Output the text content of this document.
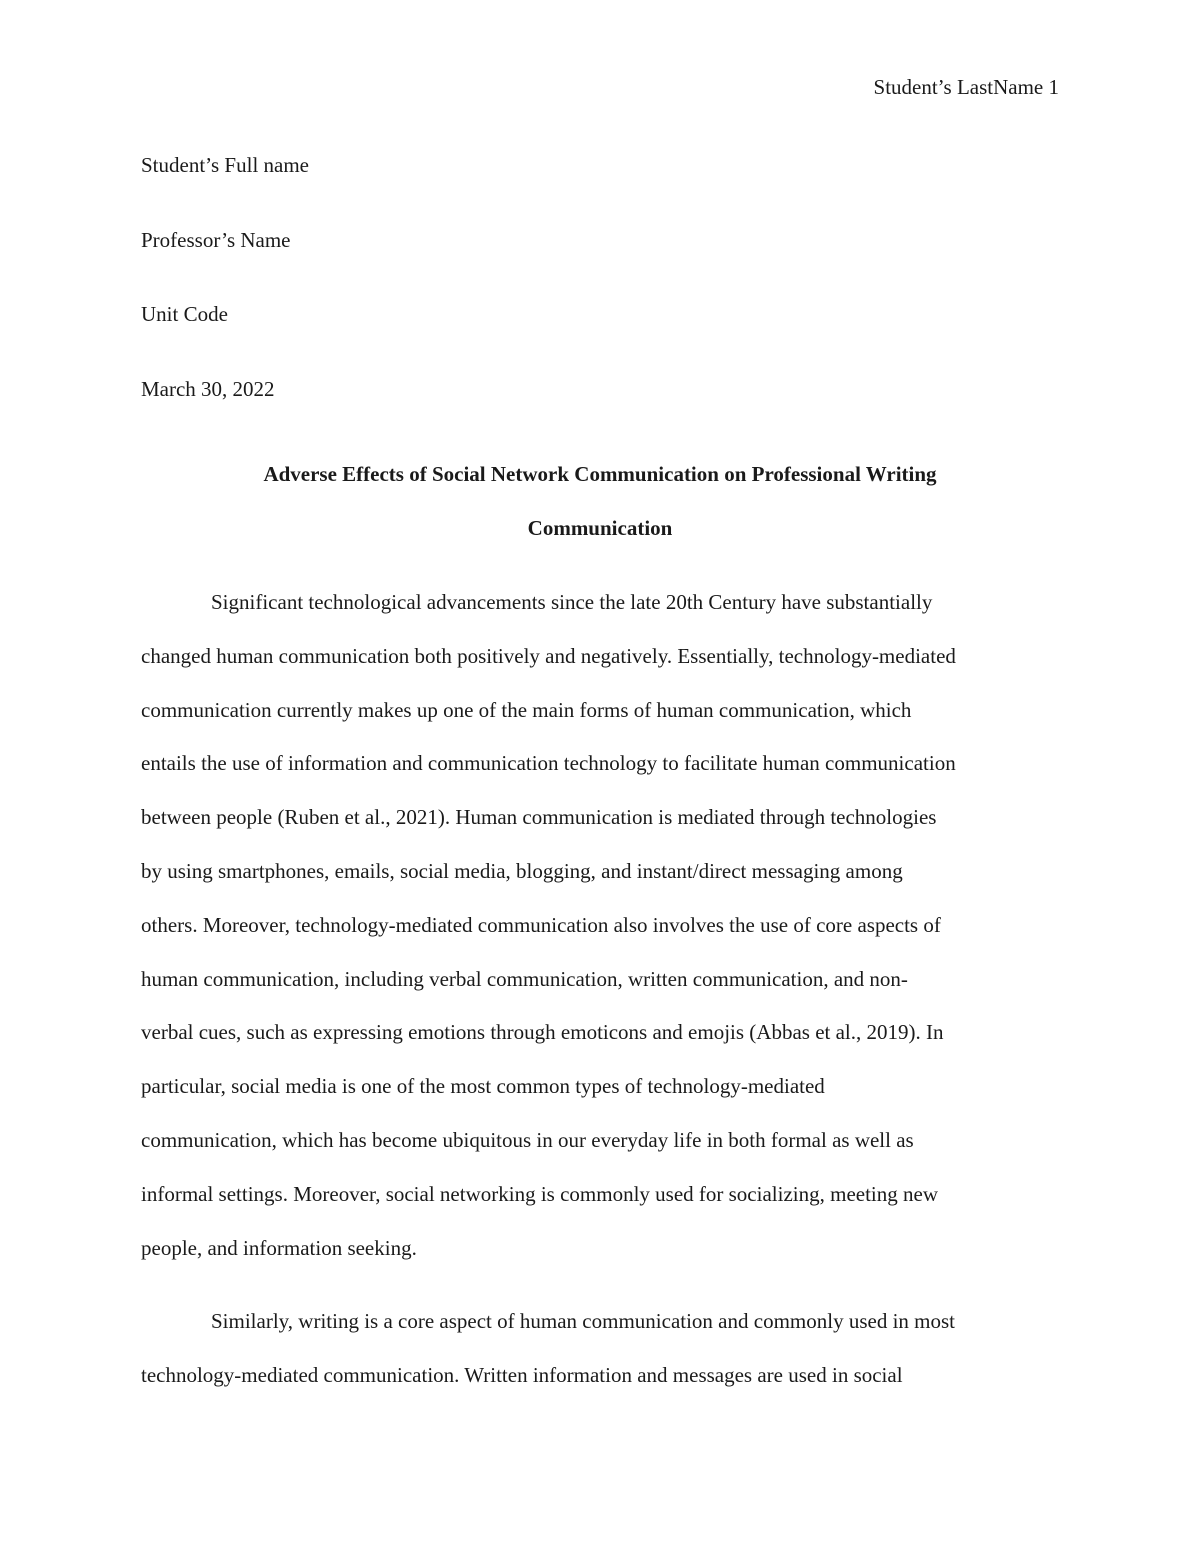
Student’s LastName 1
Student’s Full name
Professor’s Name
Unit Code
March 30, 2022
Adverse Effects of Social Network Communication on Professional Writing
Communication
Significant technological advancements since the late 20th Century have substantially
changed human communication both positively and negatively. Essentially, technology-mediated
communication currently makes up one of the main forms of human communication, which
entails the use of information and communication technology to facilitate human communication
between people (Ruben et al., 2021). Human communication is mediated through technologies
by using smartphones, emails, social media, blogging, and instant/direct messaging among
others. Moreover, technology-mediated communication also involves the use of core aspects of
human communication, including verbal communication, written communication, and non-
verbal cues, such as expressing emotions through emoticons and emojis (Abbas et al., 2019). In
particular, social media is one of the most common types of technology-mediated
communication, which has become ubiquitous in our everyday life in both formal as well as
informal settings. Moreover, social networking is commonly used for socializing, meeting new
people, and information seeking.
Similarly, writing is a core aspect of human communication and commonly used in most
technology-mediated communication. Written information and messages are used in social
